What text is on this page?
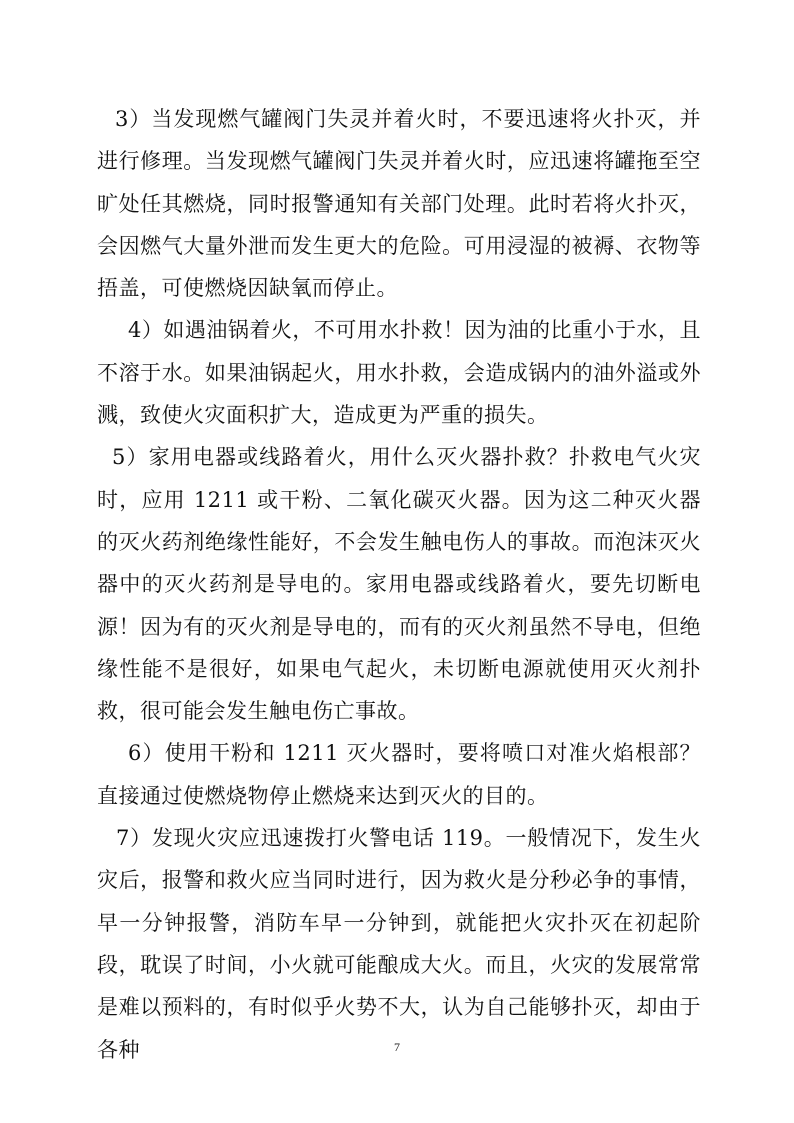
3）当发现燃气罐阀门失灵并着火时，不要迅速将火扑灭，并进行修理。当发现燃气罐阀门失灵并着火时，应迅速将罐拖至空旷处任其燃烧，同时报警通知有关部门处理。此时若将火扑灭，会因燃气大量外泄而发生更大的危险。可用浸湿的被褥、衣物等捂盖，可使燃烧因缺氧而停止。

4）如遇油锅着火，不可用水扑救！因为油的比重小于水，且不溶于水。如果油锅起火，用水扑救，会造成锅内的油外溢或外溅，致使火灾面积扩大，造成更为严重的损失。

5）家用电器或线路着火，用什么灭火器扑救？扑救电气火灾时，应用 1211 或干粉、二氧化碳灭火器。因为这二种灭火器的灭火药剂绝缘性能好，不会发生触电伤人的事故。而泡沫灭火器中的灭火药剂是导电的。家用电器或线路着火，要先切断电源！因为有的灭火剂是导电的，而有的灭火剂虽然不导电，但绝缘性能不是很好，如果电气起火，未切断电源就使用灭火剂扑救，很可能会发生触电伤亡事故。

6）使用干粉和 1211 灭火器时，要将喷口对准火焰根部？直接通过使燃烧物停止燃烧来达到灭火的目的。

7）发现火灾应迅速拨打火警电话 119。一般情况下，发生火灾后，报警和救火应当同时进行，因为救火是分秒必争的事情，早一分钟报警，消防车早一分钟到，就能把火灾扑灭在初起阶段，耽误了时间，小火就可能酿成大火。而且，火灾的发展常常是难以预料的，有时似乎火势不大，认为自己能够扑灭，却由于各种	7
